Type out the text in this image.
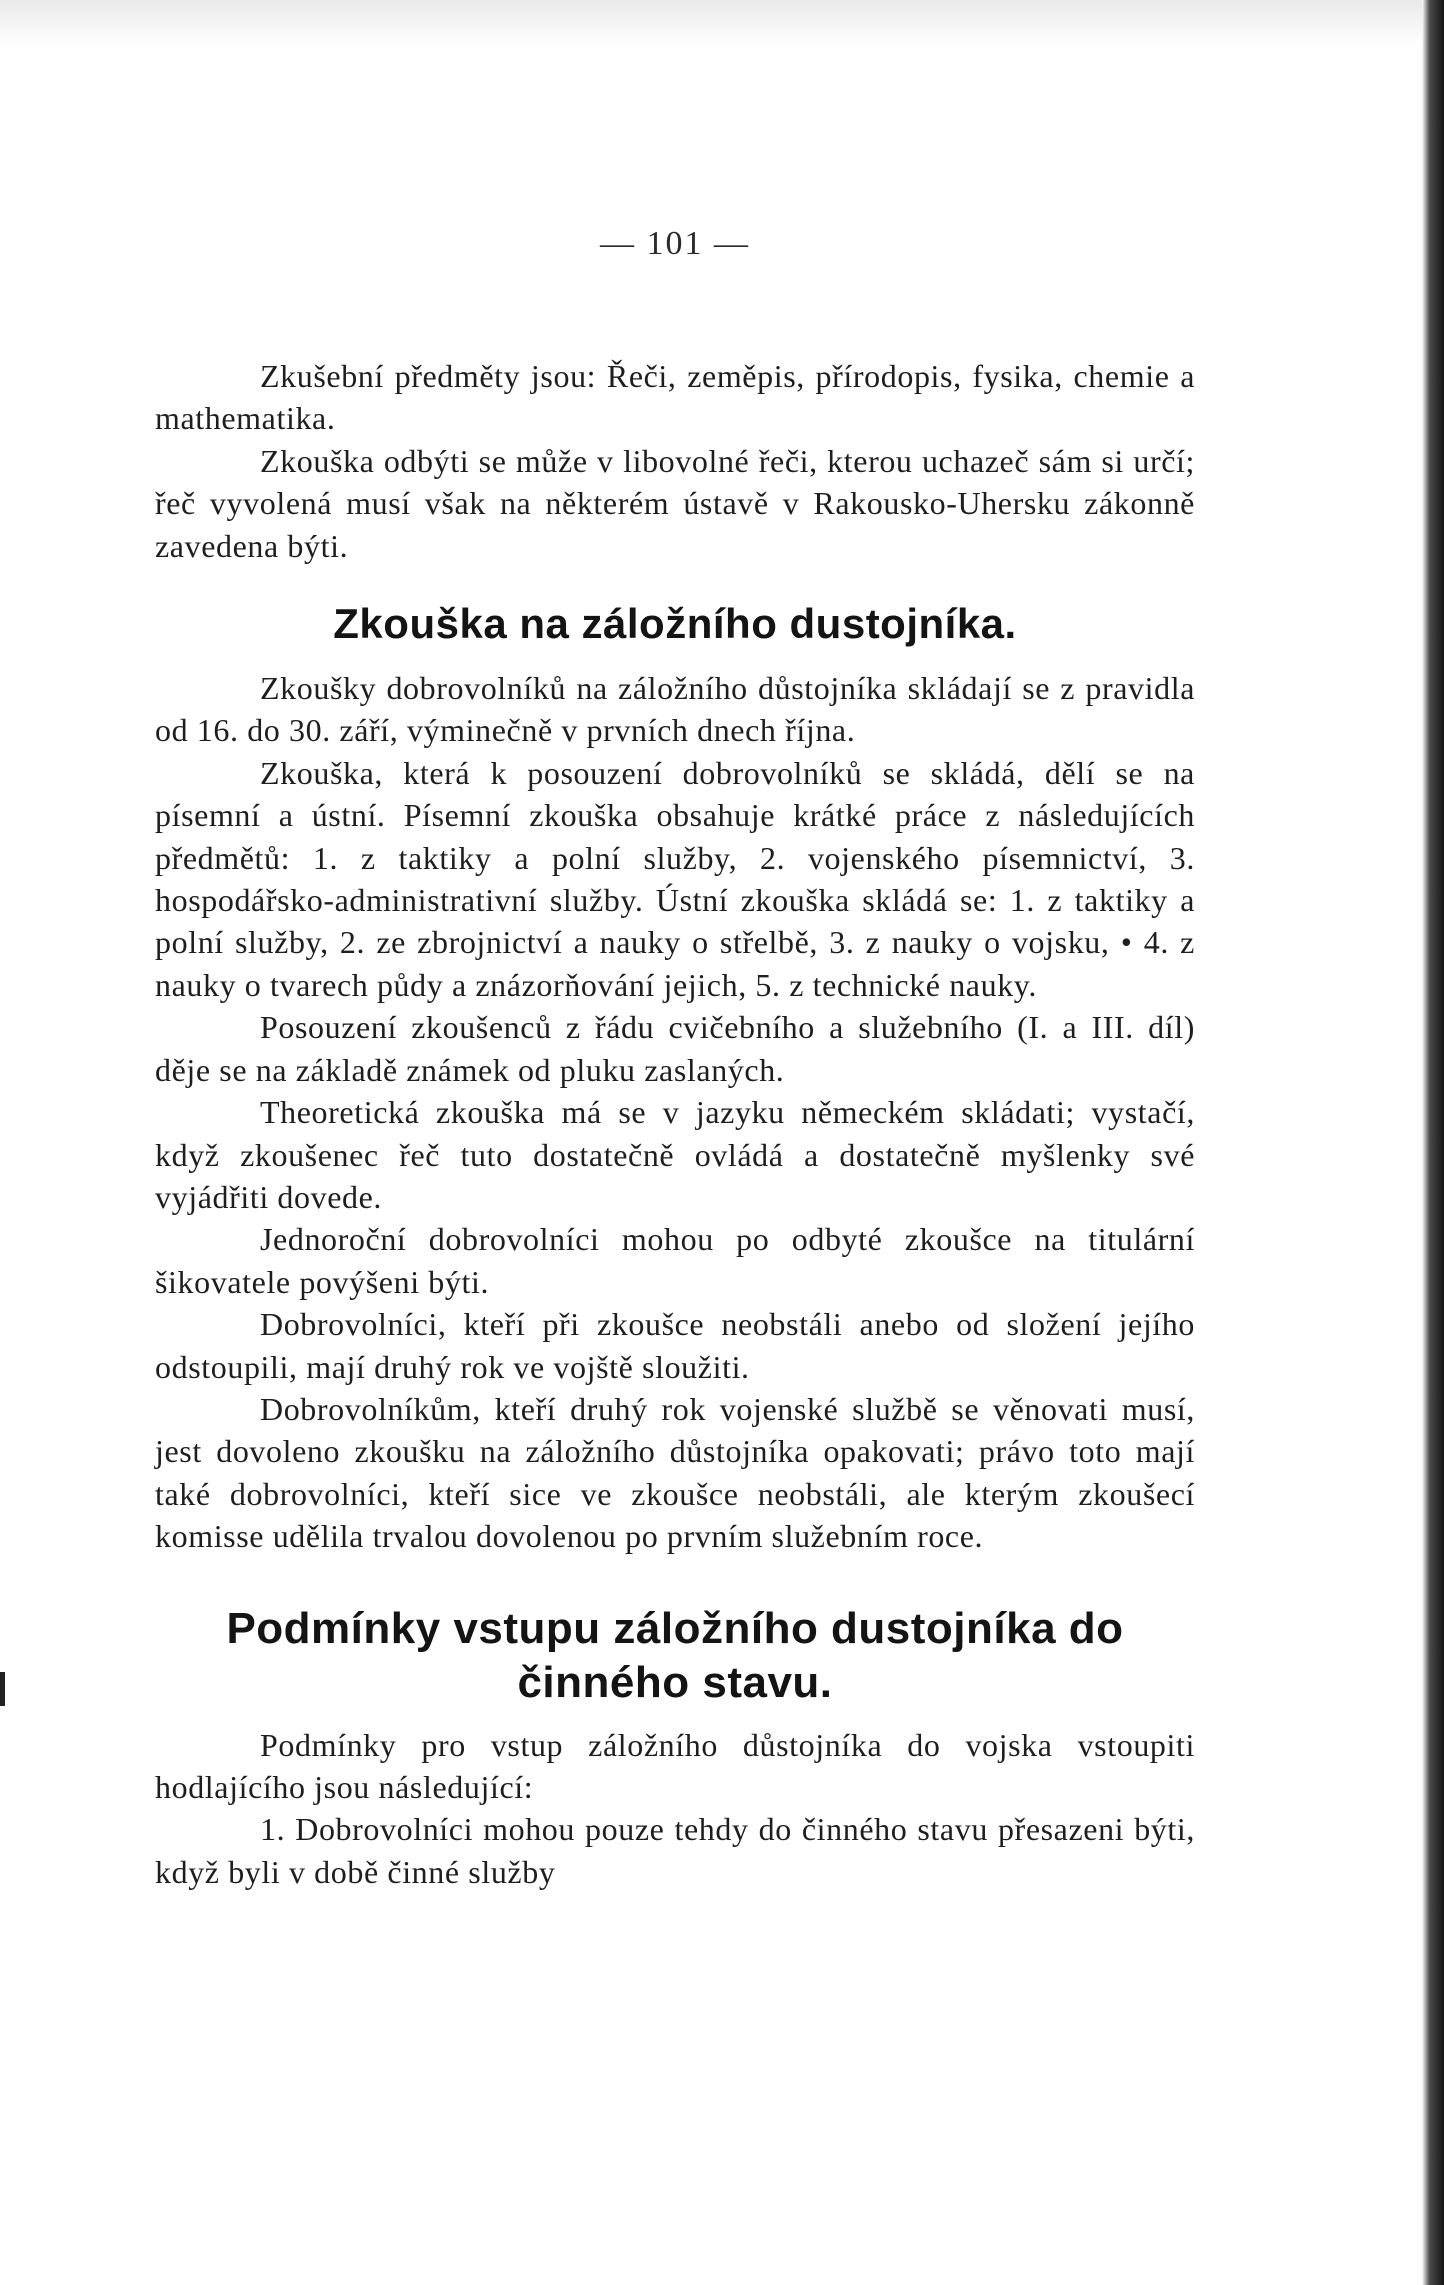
— 101 —

Zkušební předměty jsou: Řeči, zeměpis, přírodopis, fysika, chemie a mathematika.

Zkouška odbýti se může v libovolné řeči, kterou uchazeč sám si určí; řeč vyvolená musí však na některém ústavě v Rakousko-Uhersku zákonně zavedena býti.

Zkouška na záložního dustojníka.

Zkoušky dobrovolníků na záložního důstojníka skládají se z pravidla od 16. do 30. září, výminečně v prvních dnech října.

Zkouška, která k posouzení dobrovolníků se skládá, dělí se na písemní a ústní. Písemní zkouška obsahuje krátké práce z následujících předmětů: 1. z taktiky a polní služby, 2. vojenského písemnictví, 3. hospodářsko-administrativní služby. Ústní zkouška skládá se: 1. z taktiky a polní služby, 2. ze zbrojnictví a nauky o střelbě, 3. z nauky o vojsku, • 4. z nauky o tvarech půdy a znázorňování jejich, 5. z technické nauky.

Posouzení zkoušenců z řádu cvičebního a služebního (I. a III. díl) děje se na základě známek od pluku zaslaných.

Theoretická zkouška má se v jazyku německém skládati; vystačí, když zkoušenec řeč tuto dostatečně ovládá a dostatečně myšlenky své vyjádřiti dovede.

Jednoroční dobrovolníci mohou po odbyté zkoušce na titulární šikovatele povýšeni býti.

Dobrovolníci, kteří při zkoušce neobstáli anebo od složení jejího odstoupili, mají druhý rok ve vojště sloužiti.

Dobrovolníkům, kteří druhý rok vojenské službě se věnovati musí, jest dovoleno zkoušku na záložního důstojníka opakovati; právo toto mají také dobrovolníci, kteří sice ve zkoušce neobstáli, ale kterým zkoušecí komisse udělila trvalou dovolenou po prvním služebním roce.

Podmínky vstupu záložního dustojníka do
činného stavu.

Podmínky pro vstup záložního důstojníka do vojska vstoupiti hodlajícího jsou následující:

1. Dobrovolníci mohou pouze tehdy do činného stavu přesazeni býti, když byli v době činné služby
